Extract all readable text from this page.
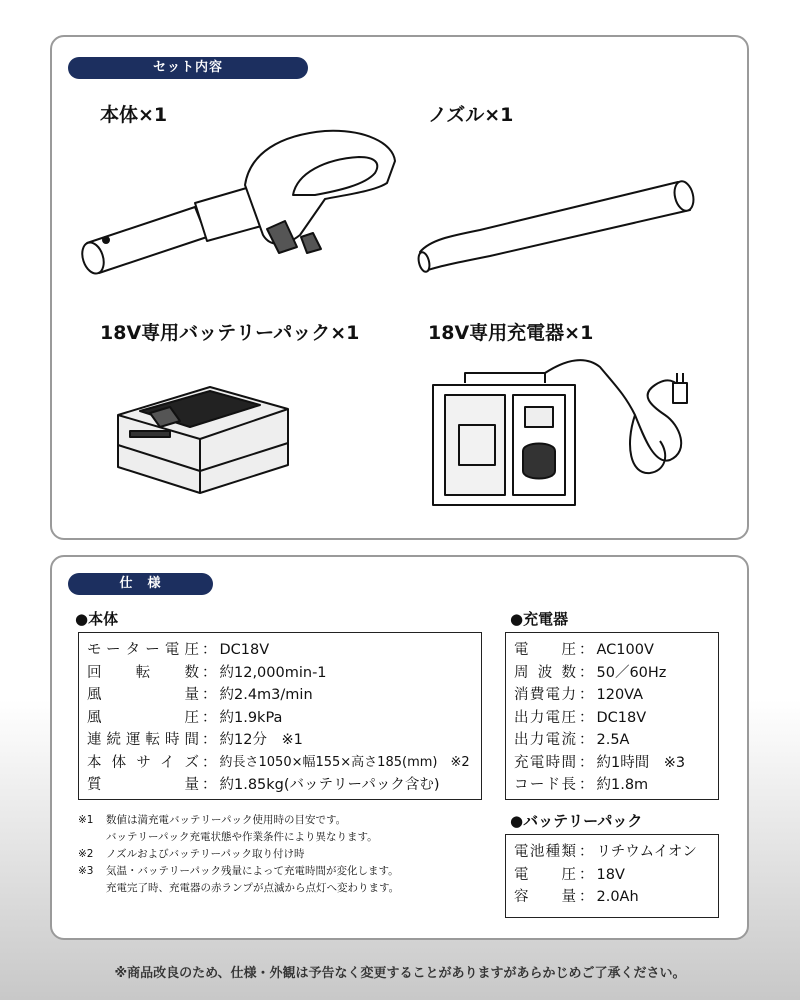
セット内容
本体×1	ノズル×1
18V専用バッテリーパック×1	18V専用充電器×1
仕　様
●本体
モーター電圧 ： DC18V
回転数 ： 約12,000min-1
風量 ： 約2.4m3/min
風圧 ： 約1.9kPa
連続運転時間 ： 約12分　※1
本体サイズ ： 約長さ1050×幅155×高さ185(mm)　※2
質量 ： 約1.85kg(バッテリーパック含む)
●充電器
電圧 ： AC100V
周波数 ： 50／60Hz
消費電力 ： 120VA
出力電圧 ： DC18V
出力電流 ： 2.5A
充電時間 ： 約1時間　※3
コード長 ： 約1.8m
●バッテリーパック
電池種類 ： リチウムイオン
電圧 ： 18V
容量 ： 2.0Ah
※1	数値は満充電バッテリーパック使用時の目安です。
バッテリーパック充電状態や作業条件により異なります。
※2	ノズルおよびバッテリーパック取り付け時
※3	気温・バッテリーパック残量によって充電時間が変化します。
充電完了時、充電器の赤ランプが点滅から点灯へ変わります。
※商品改良のため、仕様・外観は予告なく変更することがありますがあらかじめご了承ください。
